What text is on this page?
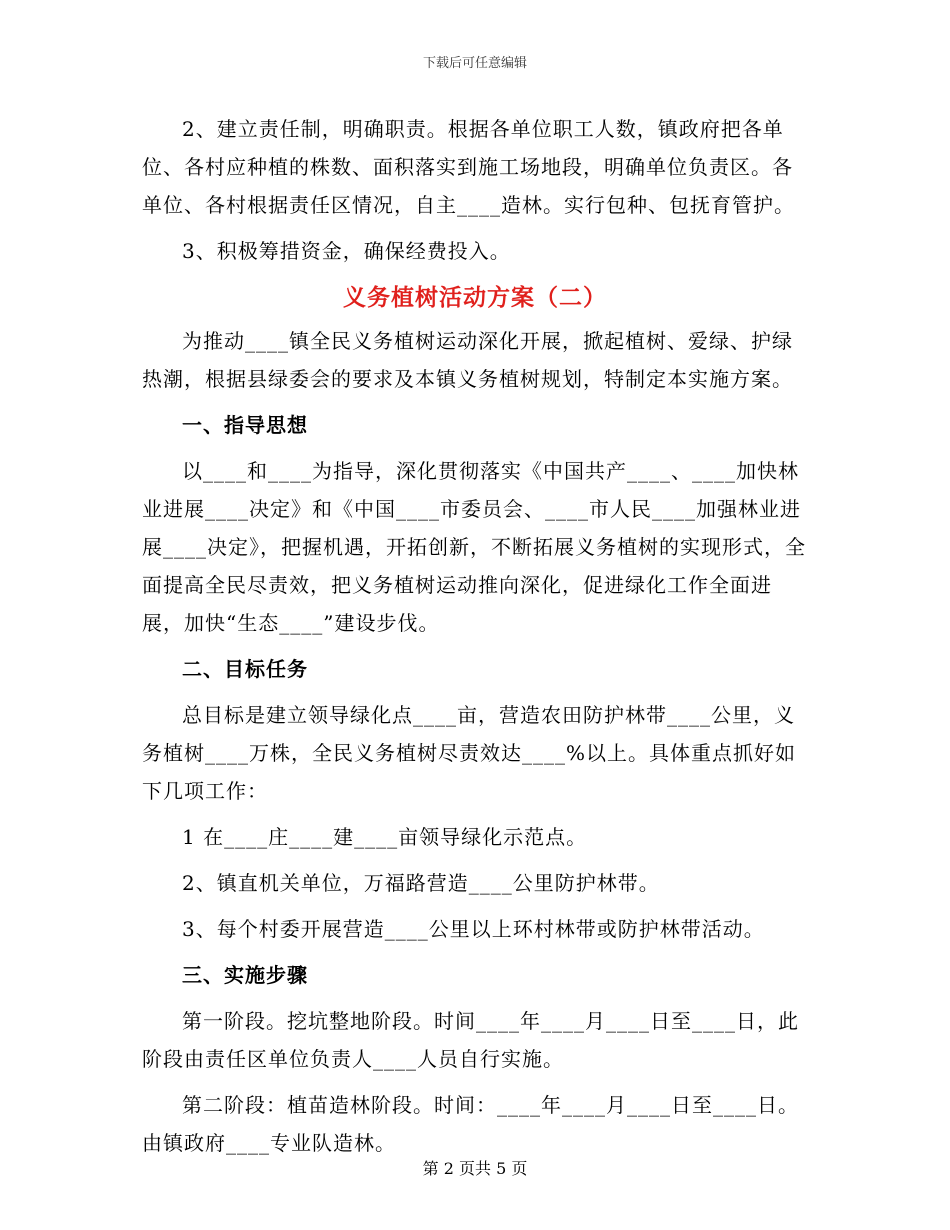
下载后可任意编辑

2、建立责任制，明确职责。根据各单位职工人数，镇政府把各单位、各村应种植的株数、面积落实到施工场地段，明确单位负责区。各单位、各村根据责任区情况，自主____造林。实行包种、包抚育管护。

3、积极筹措资金，确保经费投入。

义务植树活动方案（二）

为推动____镇全民义务植树运动深化开展，掀起植树、爱绿、护绿热潮，根据县绿委会的要求及本镇义务植树规划，特制定本实施方案。

一、指导思想

以____和____为指导，深化贯彻落实《中国共产____、____加快林业进展____决定》和《中国____市委员会、____市人民____加强林业进展____决定》，把握机遇，开拓创新，不断拓展义务植树的实现形式，全面提高全民尽责效，把义务植树运动推向深化，促进绿化工作全面进展，加快“生态____”建设步伐。

二、目标任务

总目标是建立领导绿化点____亩，营造农田防护林带____公里，义务植树____万株，全民义务植树尽责效达____%以上。具体重点抓好如下几项工作：

1 在____庄____建____亩领导绿化示范点。

2、镇直机关单位，万福路营造____公里防护林带。

3、每个村委开展营造____公里以上环村林带或防护林带活动。

三、实施步骤

第一阶段。挖坑整地阶段。时间____年____月____日至____日，此阶段由责任区单位负责人____人员自行实施。

第二阶段：植苗造林阶段。时间：____年____月____日至____日。由镇政府____专业队造林。

第 2 页共 5 页
